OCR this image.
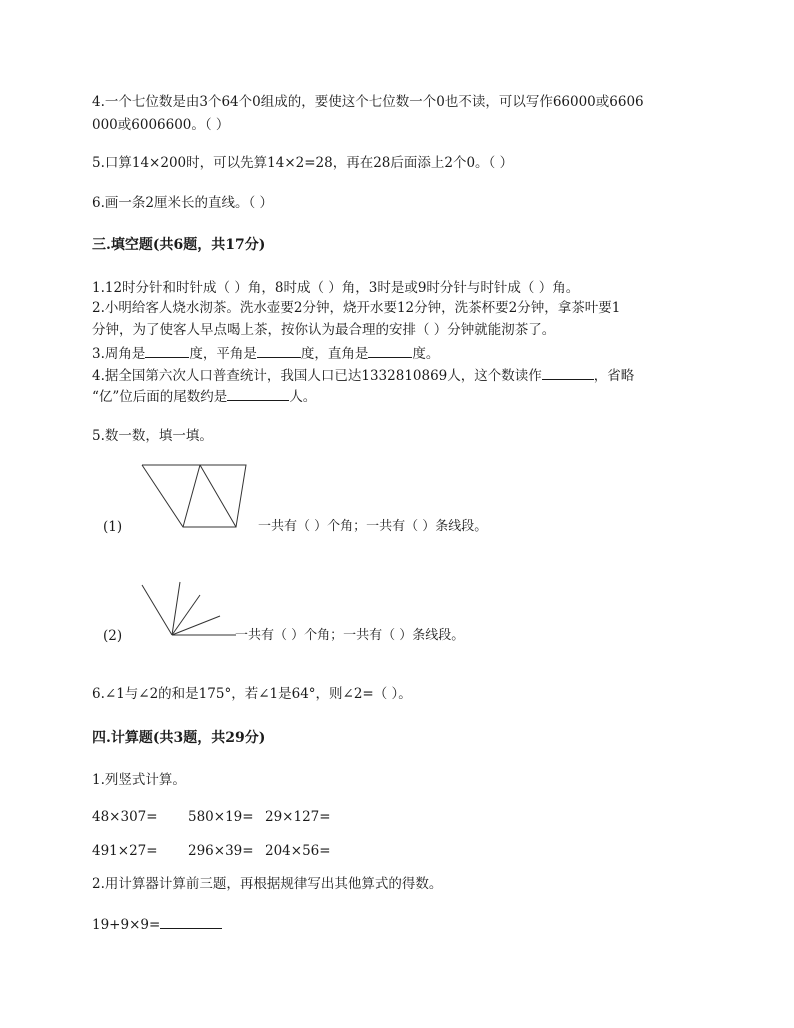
4.一个七位数是由3个64个0组成的，要使这个七位数一个0也不读，可以写作66000或6606
000或6006600。（ ）
5.口算14×200时，可以先算14×2=28，再在28后面添上2个0。（ ）
6.画一条2厘米长的直线。（ ）
三.填空题(共6题，共17分)
1.12时分针和时针成（ ）角，8时成（ ）角，3时是或9时分针与时针成（ ）角。
2.小明给客人烧水沏茶。洗水壶要2分钟，烧开水要12分钟，洗茶杯要2分钟，拿茶叶要1
分钟，为了使客人早点喝上茶，按你认为最合理的安排（ ）分钟就能沏茶了。
3.周角是	度，平角是	度，直角是	度。
4.据全国第六次人口普查统计，我国人口已达1332810869人，这个数读作	，省略
“亿”位后面的尾数约是	人。
5.数一数，填一填。
(1)	一共有（ ）个角；一共有（ ）条线段。
(2)	一共有（ ）个角；一共有（ ）条线段。
6.∠1与∠2的和是175°，若∠1是64°，则∠2=（ ）。
四.计算题(共3题，共29分)
1.列竖式计算。
48×307= 580×19= 29×127=
491×27= 296×39= 204×56=
2.用计算器计算前三题，再根据规律写出其他算式的得数。
19+9×9=
